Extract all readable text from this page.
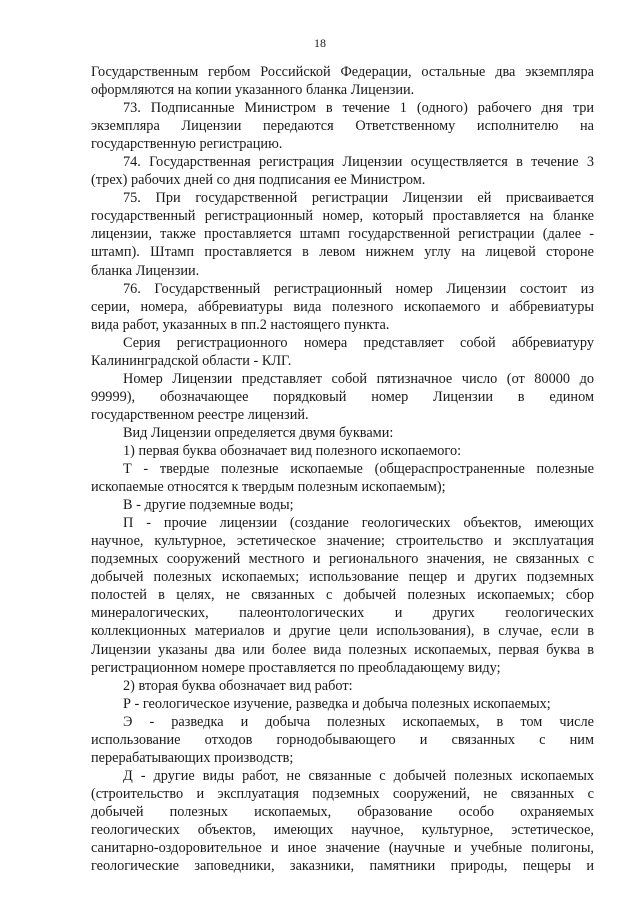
18
Государственным гербом Российской Федерации, остальные два экземпляра
оформляются на копии указанного бланка Лицензии.
73. Подписанные Министром в течение 1 (одного) рабочего дня три
экземпляра Лицензии передаются Ответственному исполнителю на
государственную регистрацию.
74. Государственная регистрация Лицензии осуществляется в течение 3
(трех) рабочих дней со дня подписания ее Министром.
75. При государственной регистрации Лицензии ей присваивается
государственный регистрационный номер, который проставляется на бланке
лицензии, также проставляется штамп государственной регистрации (далее -
штамп). Штамп проставляется в левом нижнем углу на лицевой стороне
бланка Лицензии.
76. Государственный регистрационный номер Лицензии состоит из
серии, номера, аббревиатуры вида полезного ископаемого и аббревиатуры
вида работ, указанных в пп.2 настоящего пункта.
Серия регистрационного номера представляет собой аббревиатуру
Калининградской области - КЛГ.
Номер Лицензии представляет собой пятизначное число (от 80000 до
99999), обозначающее порядковый номер Лицензии в едином
государственном реестре лицензий.
Вид Лицензии определяется двумя буквами:
1) первая буква обозначает вид полезного ископаемого:
Т - твердые полезные ископаемые (общераспространенные полезные
ископаемые относятся к твердым полезным ископаемым);
В - другие подземные воды;
П - прочие лицензии (создание геологических объектов, имеющих
научное, культурное, эстетическое значение; строительство и эксплуатация
подземных сооружений местного и регионального значения, не связанных с
добычей полезных ископаемых; использование пещер и других подземных
полостей в целях, не связанных с добычей полезных ископаемых; сбор
минералогических, палеонтологических и других геологических
коллекционных материалов и другие цели использования), в случае, если в
Лицензии указаны два или более вида полезных ископаемых, первая буква в
регистрационном номере проставляется по преобладающему виду;
2) вторая буква обозначает вид работ:
Р - геологическое изучение, разведка и добыча полезных ископаемых;
Э - разведка и добыча полезных ископаемых, в том числе
использование отходов горнодобывающего и связанных с ним
перерабатывающих производств;
Д - другие виды работ, не связанные с добычей полезных ископаемых
(строительство и эксплуатация подземных сооружений, не связанных с
добычей полезных ископаемых, образование особо охраняемых
геологических объектов, имеющих научное, культурное, эстетическое,
санитарно-оздоровительное и иное значение (научные и учебные полигоны,
геологические заповедники, заказники, памятники природы, пещеры и
